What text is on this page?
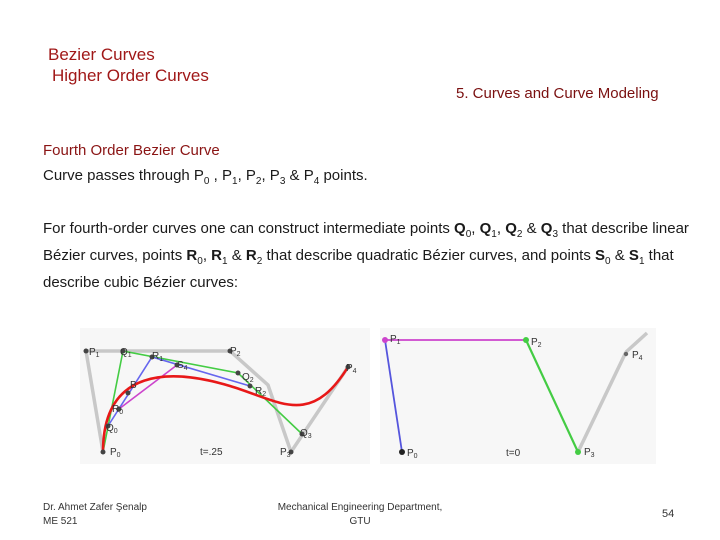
Bezier Curves
Higher Order Curves
5. Curves and Curve Modeling
Fourth Order Bezier Curve
Curve passes through $P_0$ , $P_1$, $P_2$, $P_3$ & $P_4$ points.
For fourth-order curves one can construct intermediate points $Q_0$, $Q_1$, $Q_2$ & $Q_3$ that describe linear Bézier curves, points $R_0$, $R_1$ & $R_2$ that describe quadratic Bézier curves, and points $S_0$ & $S_1$ that describe cubic Bézier curves:
$P_1$ $Q_1$ $R_1$
$S_4$
$P_2$
$Q_2$
$R_2$
$P_4$
$Q_3$
$P_3$
t=.25
$P_0$
$Q_0$
$R_0$
B
$P_1$	$P_2$
$P_4$
$P_3$
$P_0$	t=0
Dr. Ahmet Zafer Şenalp
ME 521
Mechanical Engineering Department,
GTU
54
